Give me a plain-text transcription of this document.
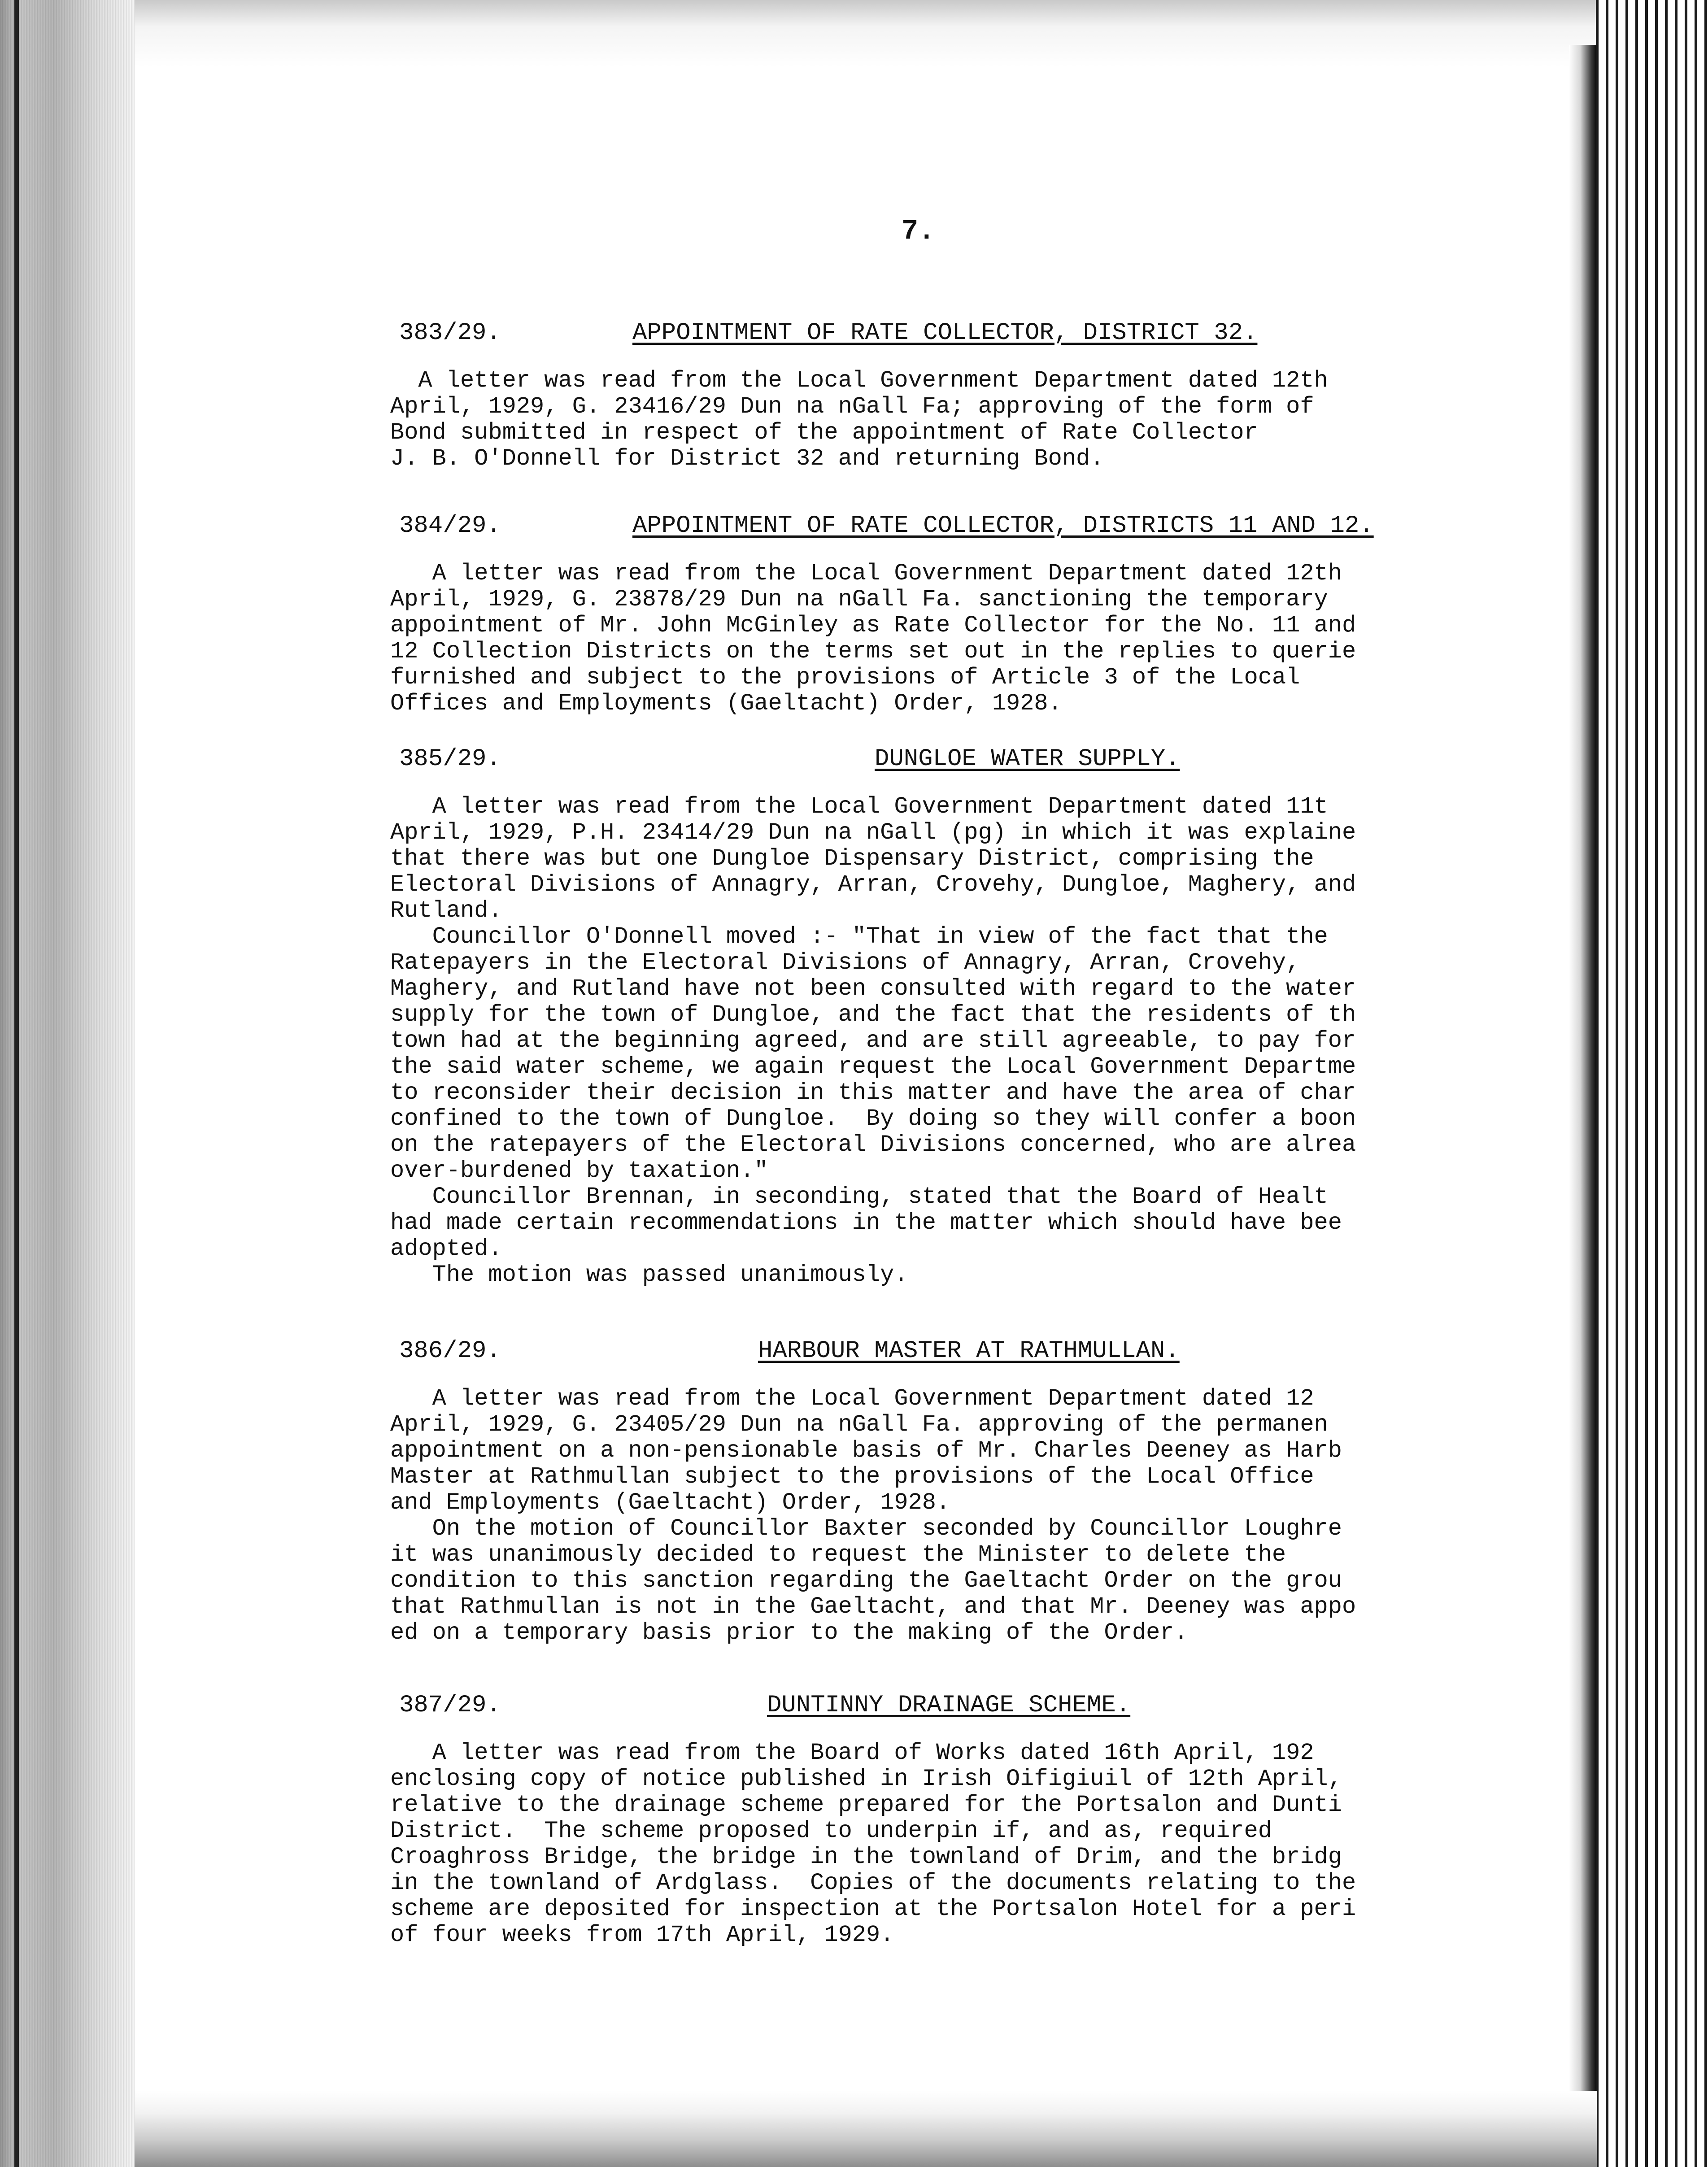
7.
383/29.	APPOINTMENT OF RATE COLLECTOR, DISTRICT 32.
A letter was read from the Local Government Department dated 12th
April, 1929, G. 23416/29 Dun na nGall Fa; approving of the form of
Bond submitted in respect of the appointment of Rate Collector
J. B. O'Donnell for District 32 and returning Bond.
384/29.	APPOINTMENT OF RATE COLLECTOR, DISTRICTS 11 AND 12.
A letter was read from the Local Government Department dated 12th
April, 1929, G. 23878/29 Dun na nGall Fa. sanctioning the temporary
appointment of Mr. John McGinley as Rate Collector for the No. 11 and
12 Collection Districts on the terms set out in the replies to querie
furnished and subject to the provisions of Article 3 of the Local
Offices and Employments (Gaeltacht) Order, 1928.
385/29.	DUNGLOE WATER SUPPLY.
A letter was read from the Local Government Department dated 11t
April, 1929, P.H. 23414/29 Dun na nGall (pg) in which it was explaine
that there was but one Dungloe Dispensary District, comprising the
Electoral Divisions of Annagry, Arran, Crovehy, Dungloe, Maghery, and
Rutland.
Councillor O'Donnell moved :- "That in view of the fact that the
Ratepayers in the Electoral Divisions of Annagry, Arran, Crovehy,
Maghery, and Rutland have not been consulted with regard to the water
supply for the town of Dungloe, and the fact that the residents of th
town had at the beginning agreed, and are still agreeable, to pay for
the said water scheme, we again request the Local Government Departme
to reconsider their decision in this matter and have the area of char
confined to the town of Dungloe.  By doing so they will confer a boon
on the ratepayers of the Electoral Divisions concerned, who are alrea
over-burdened by taxation."
Councillor Brennan, in seconding, stated that the Board of Healt
had made certain recommendations in the matter which should have bee
adopted.
The motion was passed unanimously.
386/29.	HARBOUR MASTER AT RATHMULLAN.
A letter was read from the Local Government Department dated 12
April, 1929, G. 23405/29 Dun na nGall Fa. approving of the permanen
appointment on a non-pensionable basis of Mr. Charles Deeney as Harb
Master at Rathmullan subject to the provisions of the Local Office
and Employments (Gaeltacht) Order, 1928.
On the motion of Councillor Baxter seconded by Councillor Loughre
it was unanimously decided to request the Minister to delete the
condition to this sanction regarding the Gaeltacht Order on the grou
that Rathmullan is not in the Gaeltacht, and that Mr. Deeney was appo
ed on a temporary basis prior to the making of the Order.
387/29.	DUNTINNY DRAINAGE SCHEME.
A letter was read from the Board of Works dated 16th April, 192
enclosing copy of notice published in Irish Oifigiuil of 12th April,
relative to the drainage scheme prepared for the Portsalon and Dunti
District.  The scheme proposed to underpin if, and as, required
Croaghross Bridge, the bridge in the townland of Drim, and the bridg
in the townland of Ardglass.  Copies of the documents relating to the
scheme are deposited for inspection at the Portsalon Hotel for a peri
of four weeks from 17th April, 1929.
